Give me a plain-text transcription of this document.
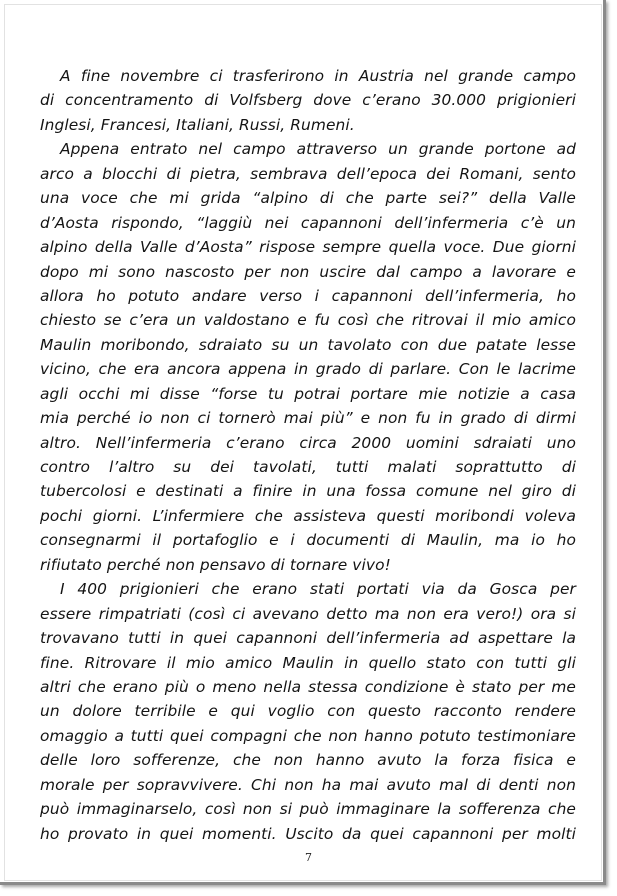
A fine novembre ci trasferirono in Austria nel grande campo
di concentramento di Volfsberg dove c’erano 30.000 prigionieri
Inglesi, Francesi, Italiani, Russi, Rumeni.
Appena entrato nel campo attraverso un grande portone ad
arco a blocchi di pietra, sembrava dell’epoca dei Romani, sento
una voce che mi grida “alpino di che parte sei?” della Valle
d’Aosta rispondo, “laggiù nei capannoni dell’infermeria c’è un
alpino della Valle d’Aosta” rispose sempre quella voce. Due giorni
dopo mi sono nascosto per non uscire dal campo a lavorare e
allora ho potuto andare verso i capannoni dell’infermeria, ho
chiesto se c’era un valdostano e fu così che ritrovai il mio amico
Maulin moribondo, sdraiato su un tavolato con due patate lesse
vicino, che era ancora appena in grado di parlare. Con le lacrime
agli occhi mi disse “forse tu potrai portare mie notizie a casa
mia perché io non ci tornerò mai più” e non fu in grado di dirmi
altro. Nell’infermeria c’erano circa 2000 uomini sdraiati uno
contro l’altro su dei tavolati, tutti malati soprattutto di
tubercolosi e destinati a finire in una fossa comune nel giro di
pochi giorni. L’infermiere che assisteva questi moribondi voleva
consegnarmi il portafoglio e i documenti di Maulin, ma io ho
rifiutato perché non pensavo di tornare vivo!
I 400 prigionieri che erano stati portati via da Gosca per
essere rimpatriati (così ci avevano detto ma non era vero!) ora si
trovavano tutti in quei capannoni dell’infermeria ad aspettare la
fine. Ritrovare il mio amico Maulin in quello stato con tutti gli
altri che erano più o meno nella stessa condizione è stato per me
un dolore terribile e qui voglio con questo racconto rendere
omaggio a tutti quei compagni che non hanno potuto testimoniare
delle loro sofferenze, che non hanno avuto la forza fisica e
morale per sopravvivere. Chi non ha mai avuto mal di denti non
può immaginarselo, così non si può immaginare la sofferenza che
ho provato in quei momenti. Uscito da quei capannoni per molti
7
